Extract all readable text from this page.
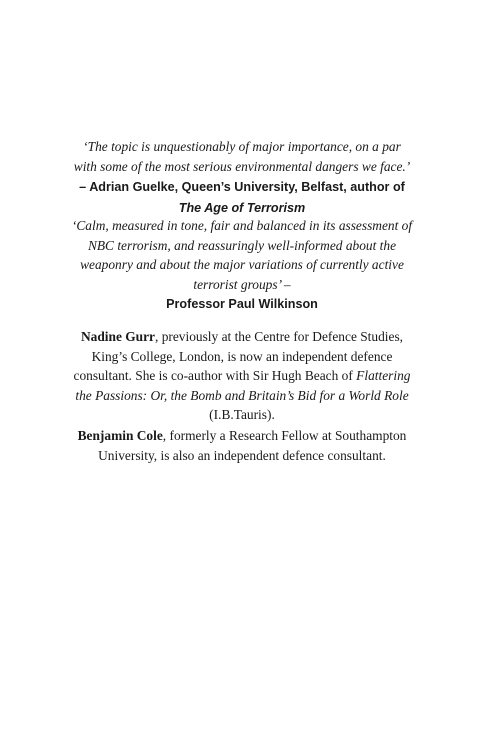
‘The topic is unquestionably of major importance, on a par with some of the most serious environmental dangers we face.’ – Adrian Guelke, Queen’s University, Belfast, author of The Age of Terrorism

‘Calm, measured in tone, fair and balanced in its assessment of NBC terrorism, and reassuringly well-informed about the weaponry and about the major variations of currently active terrorist groups’ –
Professor Paul Wilkinson

Nadine Gurr, previously at the Centre for Defence Studies, King’s College, London, is now an independent defence consultant. She is co-author with Sir Hugh Beach of Flattering the Passions: Or, the Bomb and Britain’s Bid for a World Role (I.B.Tauris).

Benjamin Cole, formerly a Research Fellow at Southampton University, is also an independent defence consultant.
